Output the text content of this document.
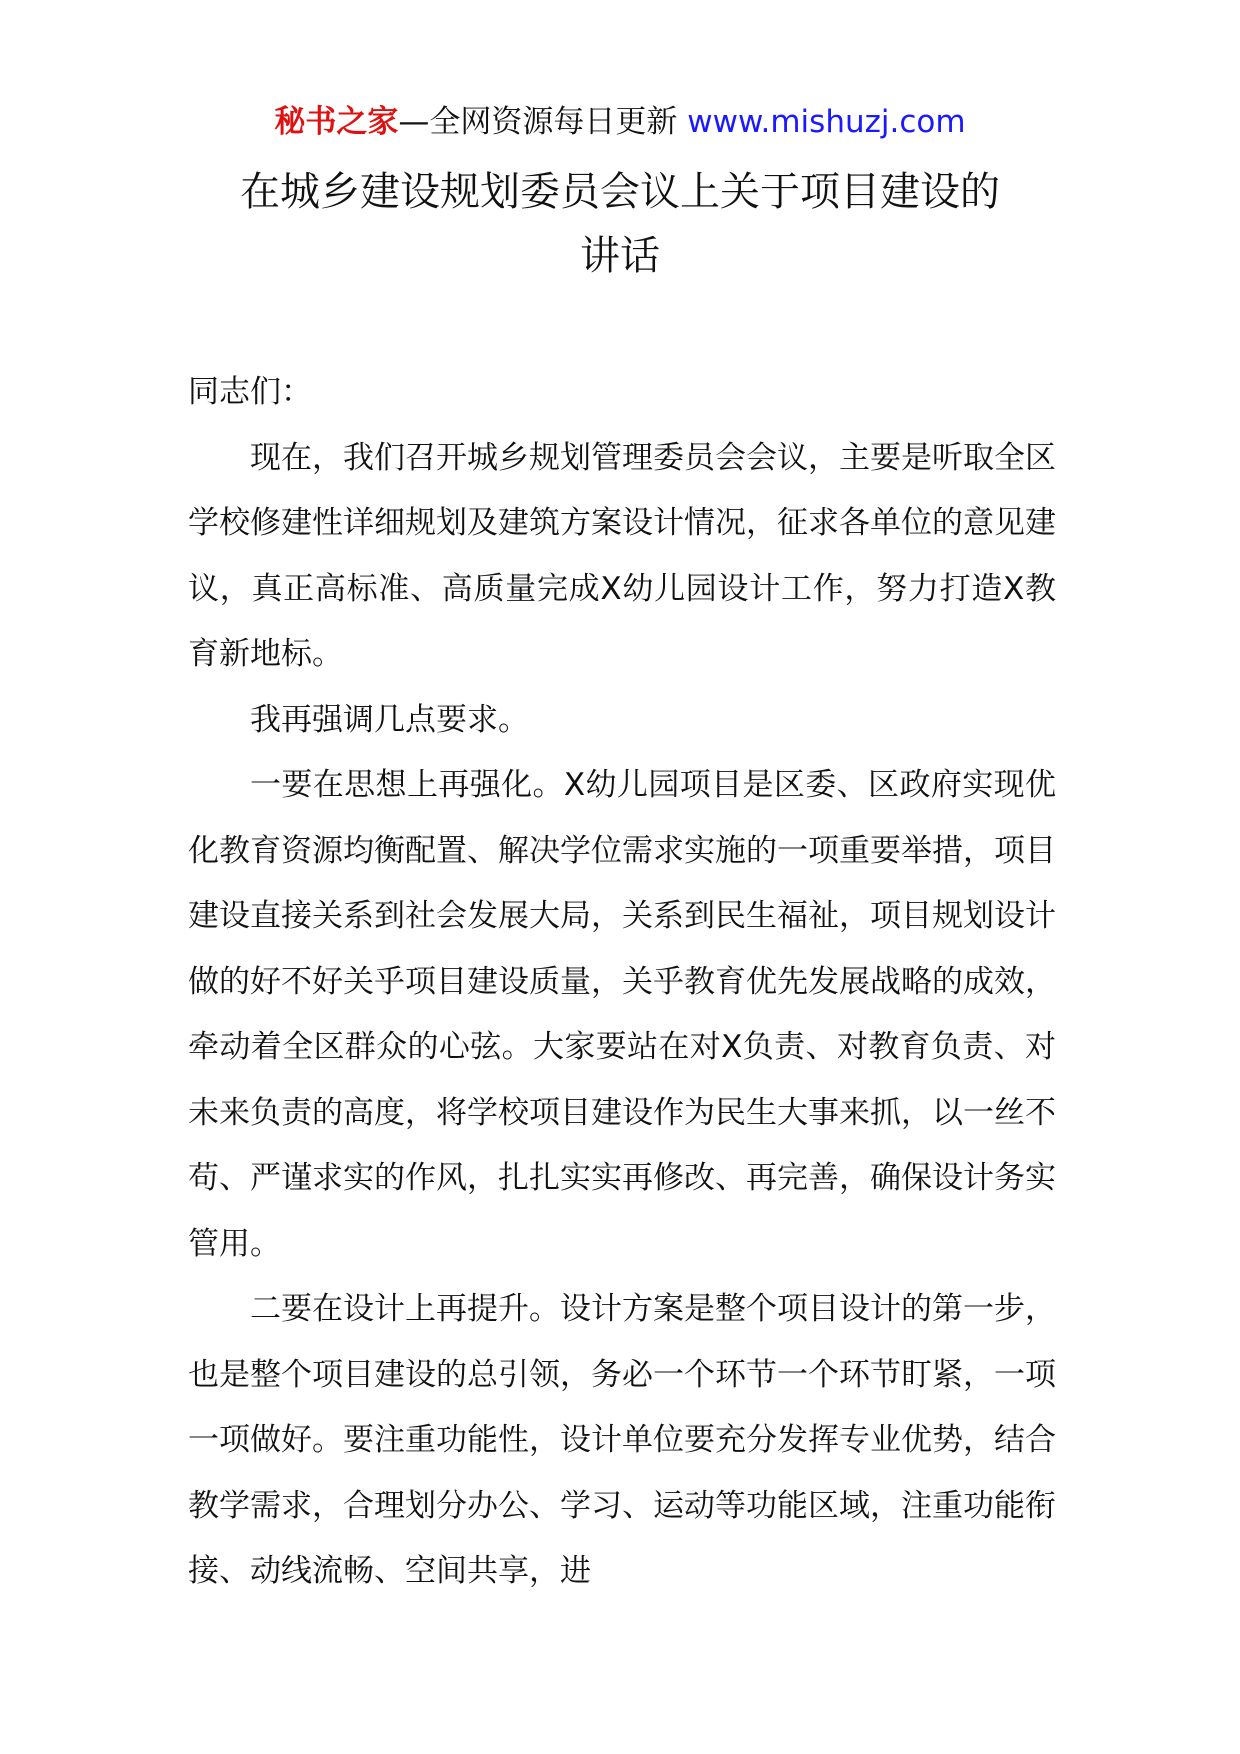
秘书之家—全网资源每日更新 www.mishuzj.com
在城乡建设规划委员会议上关于项目建设的
讲话

同志们：

现在，我们召开城乡规划管理委员会会议，主要是听取全区学校修建性详细规划及建筑方案设计情况，征求各单位的意见建议，真正高标准、高质量完成X幼儿园设计工作，努力打造X教育新地标。

我再强调几点要求。

一要在思想上再强化。X幼儿园项目是区委、区政府实现优化教育资源均衡配置、解决学位需求实施的一项重要举措，项目建设直接关系到社会发展大局，关系到民生福祉，项目规划设计做的好不好关乎项目建设质量，关乎教育优先发展战略的成效，牵动着全区群众的心弦。大家要站在对X负责、对教育负责、对未来负责的高度，将学校项目建设作为民生大事来抓，以一丝不苟、严谨求实的作风，扎扎实实再修改、再完善，确保设计务实管用。

二要在设计上再提升。设计方案是整个项目设计的第一步，也是整个项目建设的总引领，务必一个环节一个环节盯紧，一项一项做好。要注重功能性，设计单位要充分发挥专业优势，结合教学需求，合理划分办公、学习、运动等功能区域，注重功能衔接、动线流畅、空间共享，进
